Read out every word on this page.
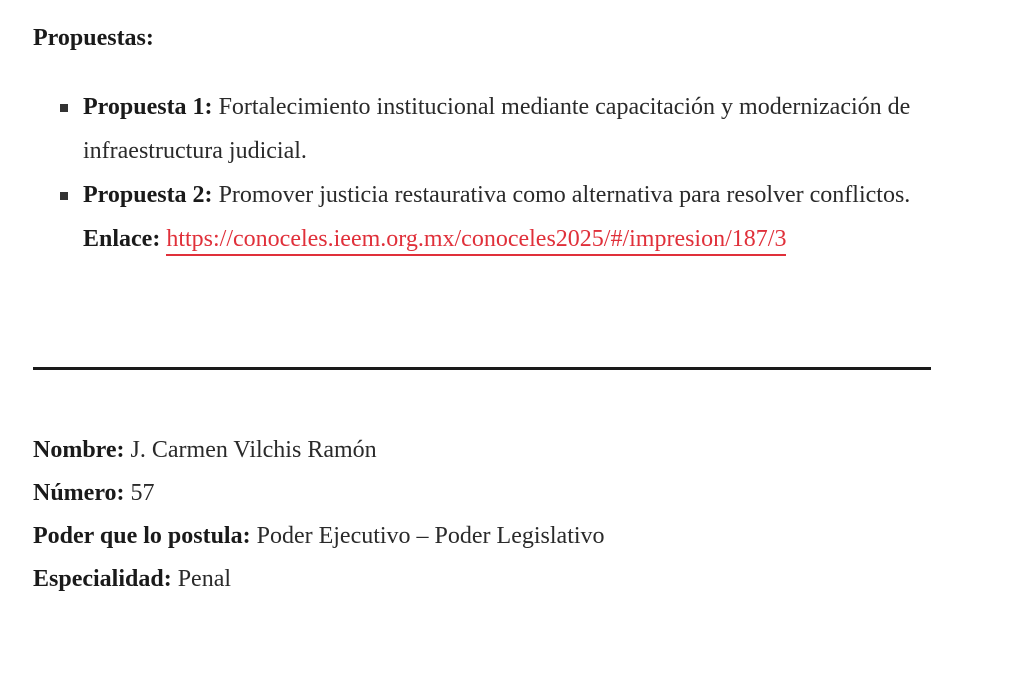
Propuestas:

Propuesta 1: Fortalecimiento institucional mediante capacitación y modernización de infraestructura judicial.
Propuesta 2: Promover justicia restaurativa como alternativa para resolver conflictos.
Enlace: https://conoceles.ieem.org.mx/conoceles2025/#/impresion/187/3
Nombre: J. Carmen Vilchis Ramón
Número: 57
Poder que lo postula: Poder Ejecutivo – Poder Legislativo
Especialidad: Penal
